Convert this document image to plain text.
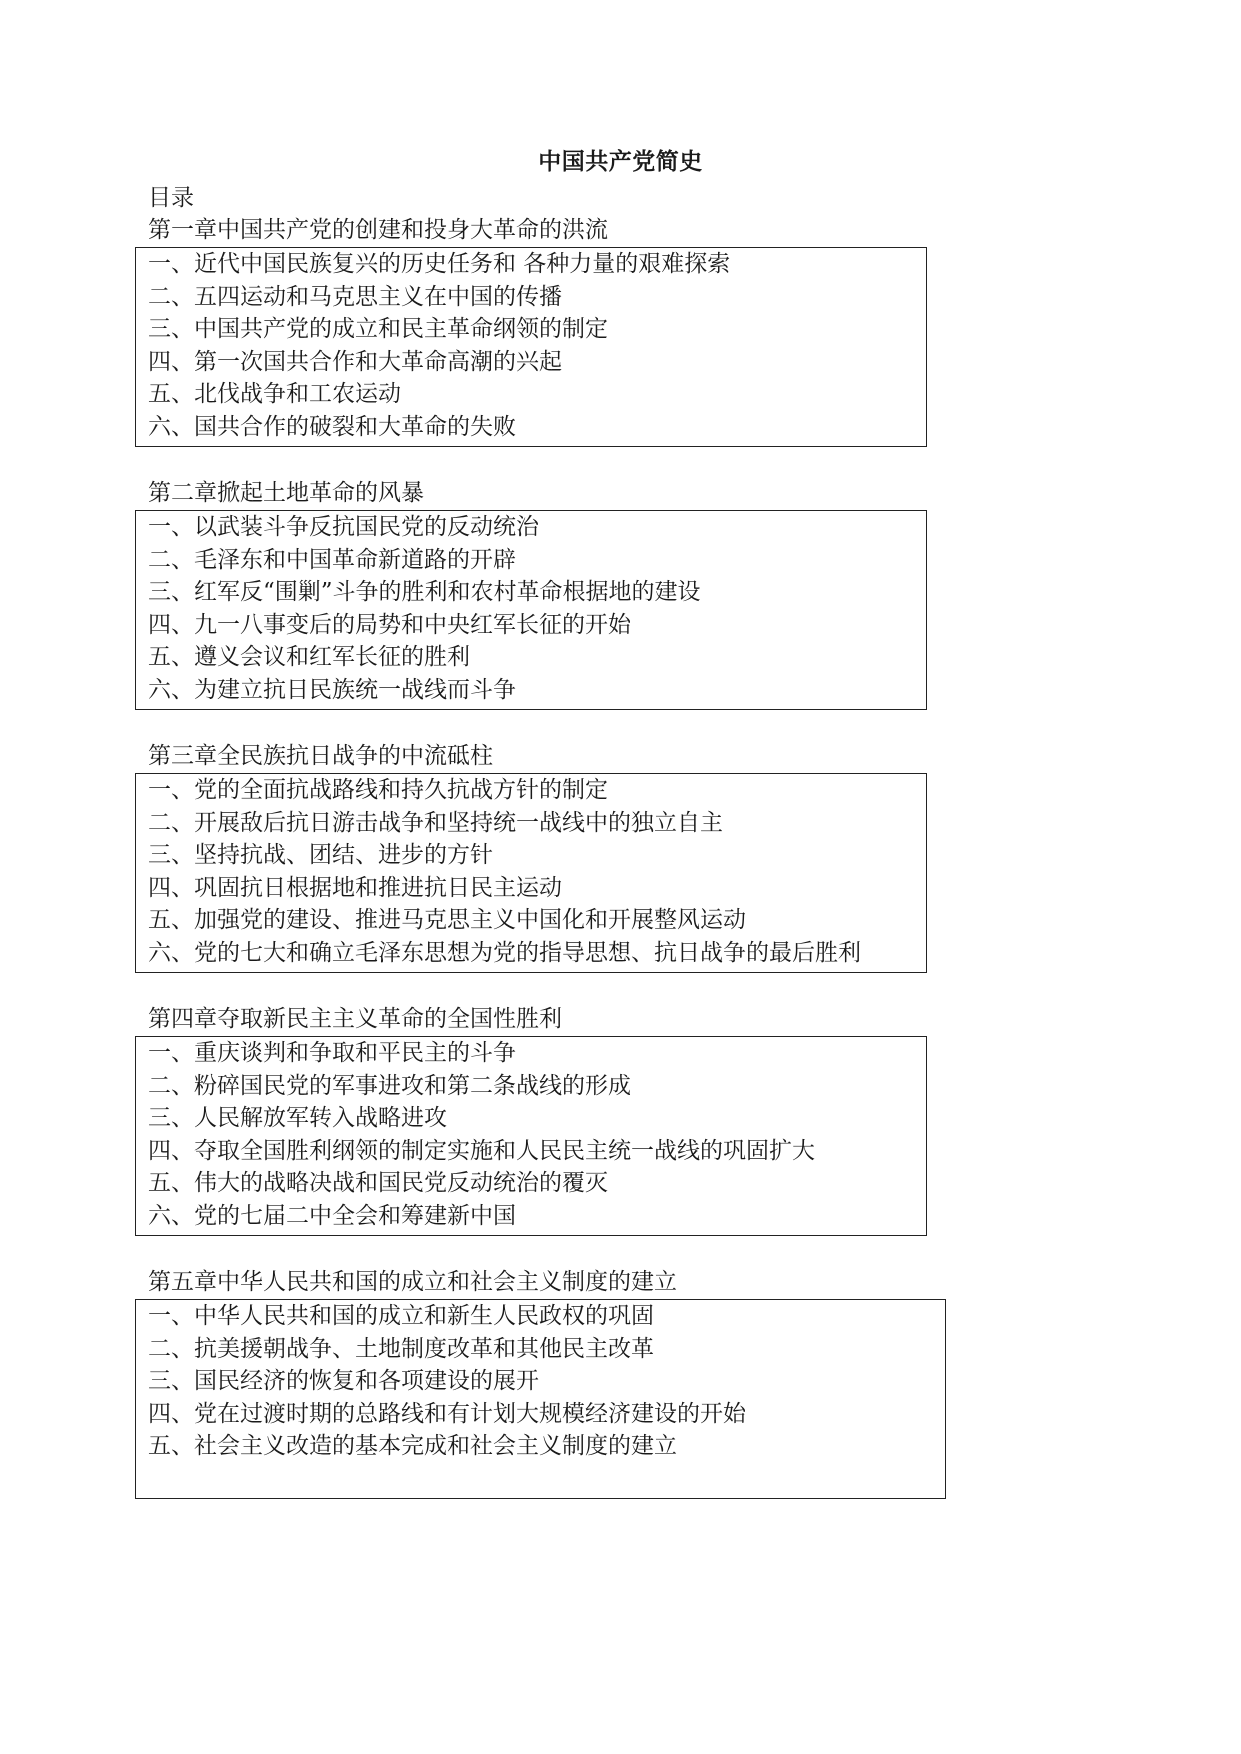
中国共产党简史
目录
第一章中国共产党的创建和投身大革命的洪流
一、近代中国民族复兴的历史任务和 各种力量的艰难探索
二、五四运动和马克思主义在中国的传播
三、中国共产党的成立和民主革命纲领的制定
四、第一次国共合作和大革命高潮的兴起
五、北伐战争和工农运动
六、国共合作的破裂和大革命的失败
第二章掀起土地革命的风暴
一、以武装斗争反抗国民党的反动统治
二、毛泽东和中国革命新道路的开辟
三、红军反“围剿”斗争的胜利和农村革命根据地的建设
四、九一八事变后的局势和中央红军长征的开始
五、遵义会议和红军长征的胜利
六、为建立抗日民族统一战线而斗争
第三章全民族抗日战争的中流砥柱
一、党的全面抗战路线和持久抗战方针的制定
二、开展敌后抗日游击战争和坚持统一战线中的独立自主
三、坚持抗战、团结、进步的方针
四、巩固抗日根据地和推进抗日民主运动
五、加强党的建设、推进马克思主义中国化和开展整风运动
六、党的七大和确立毛泽东思想为党的指导思想、抗日战争的最后胜利
第四章夺取新民主主义革命的全国性胜利
一、重庆谈判和争取和平民主的斗争
二、粉碎国民党的军事进攻和第二条战线的形成
三、人民解放军转入战略进攻
四、夺取全国胜利纲领的制定实施和人民民主统一战线的巩固扩大
五、伟大的战略决战和国民党反动统治的覆灭
六、党的七届二中全会和筹建新中国
第五章中华人民共和国的成立和社会主义制度的建立
一、中华人民共和国的成立和新生人民政权的巩固
二、抗美援朝战争、土地制度改革和其他民主改革
三、国民经济的恢复和各项建设的展开
四、党在过渡时期的总路线和有计划大规模经济建设的开始
五、社会主义改造的基本完成和社会主义制度的建立
